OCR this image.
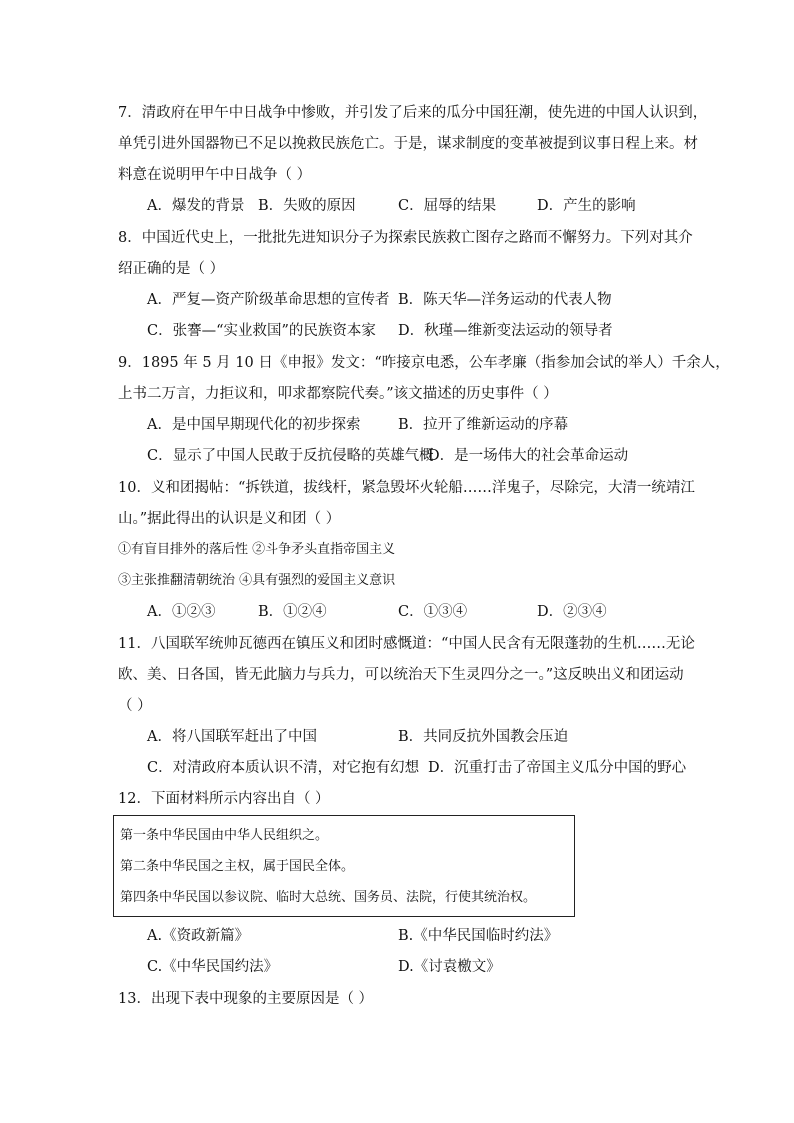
7．清政府在甲午中日战争中惨败，并引发了后来的瓜分中国狂潮，使先进的中国人认识到，
单凭引进外国器物已不足以挽救民族危亡。于是，谋求制度的变革被提到议事日程上来。材
料意在说明甲午中日战争（ ）
A．爆发的背景 B．失败的原因	C．屈辱的结果	D．产生的影响
8．中国近代史上，一批批先进知识分子为探索民族救亡图存之路而不懈努力。下列对其介
绍正确的是（ ）
A．严复—资产阶级革命思想的宣传者 B．陈天华—洋务运动的代表人物
C．张謇—“实业救国”的民族资本家 D．秋瑾—维新变法运动的领导者
9．1895 年 5 月 10 日《申报》发文：“昨接京电悉，公车孝廉（指参加会试的举人）千余人，
上书二万言，力拒议和，叩求都察院代奏。”该文描述的历史事件（ ）
A．是中国早期现代化的初步探索	B．拉开了维新运动的序幕
C．显示了中国人民敢于反抗侵略的英雄气概
D．是一场伟大的社会革命运动
10．义和团揭帖：“拆铁道，拔线杆，紧急毁坏火轮船……洋鬼子，尽除完，大清一统靖江
山。”据此得出的认识是义和团（ ）
①有盲目排外的落后性 ②斗争矛头直指帝国主义
③主张推翻清朝统治 ④具有强烈的爱国主义意识
A．①②③	B．①②④	C．①③④	D．②③④
11．八国联军统帅瓦德西在镇压义和团时感慨道：“中国人民含有无限蓬勃的生机……无论
欧、美、日各国，皆无此脑力与兵力，可以统治天下生灵四分之一。”这反映出义和团运动
（ ）
A．将八国联军赶出了中国	B．共同反抗外国教会压迫
C．对清政府本质认识不清，对它抱有幻想 D．沉重打击了帝国主义瓜分中国的野心
12．下面材料所示内容出自（ ）
第一条中华民国由中华人民组织之。
第二条中华民国之主权，属于国民全体。
第四条中华民国以参议院、临时大总统、国务员、法院，行使其统治权。
A.《资政新篇》	B.《中华民国临时约法》
C.《中华民国约法》	D.《讨袁檄文》
13．出现下表中现象的主要原因是（ ）
